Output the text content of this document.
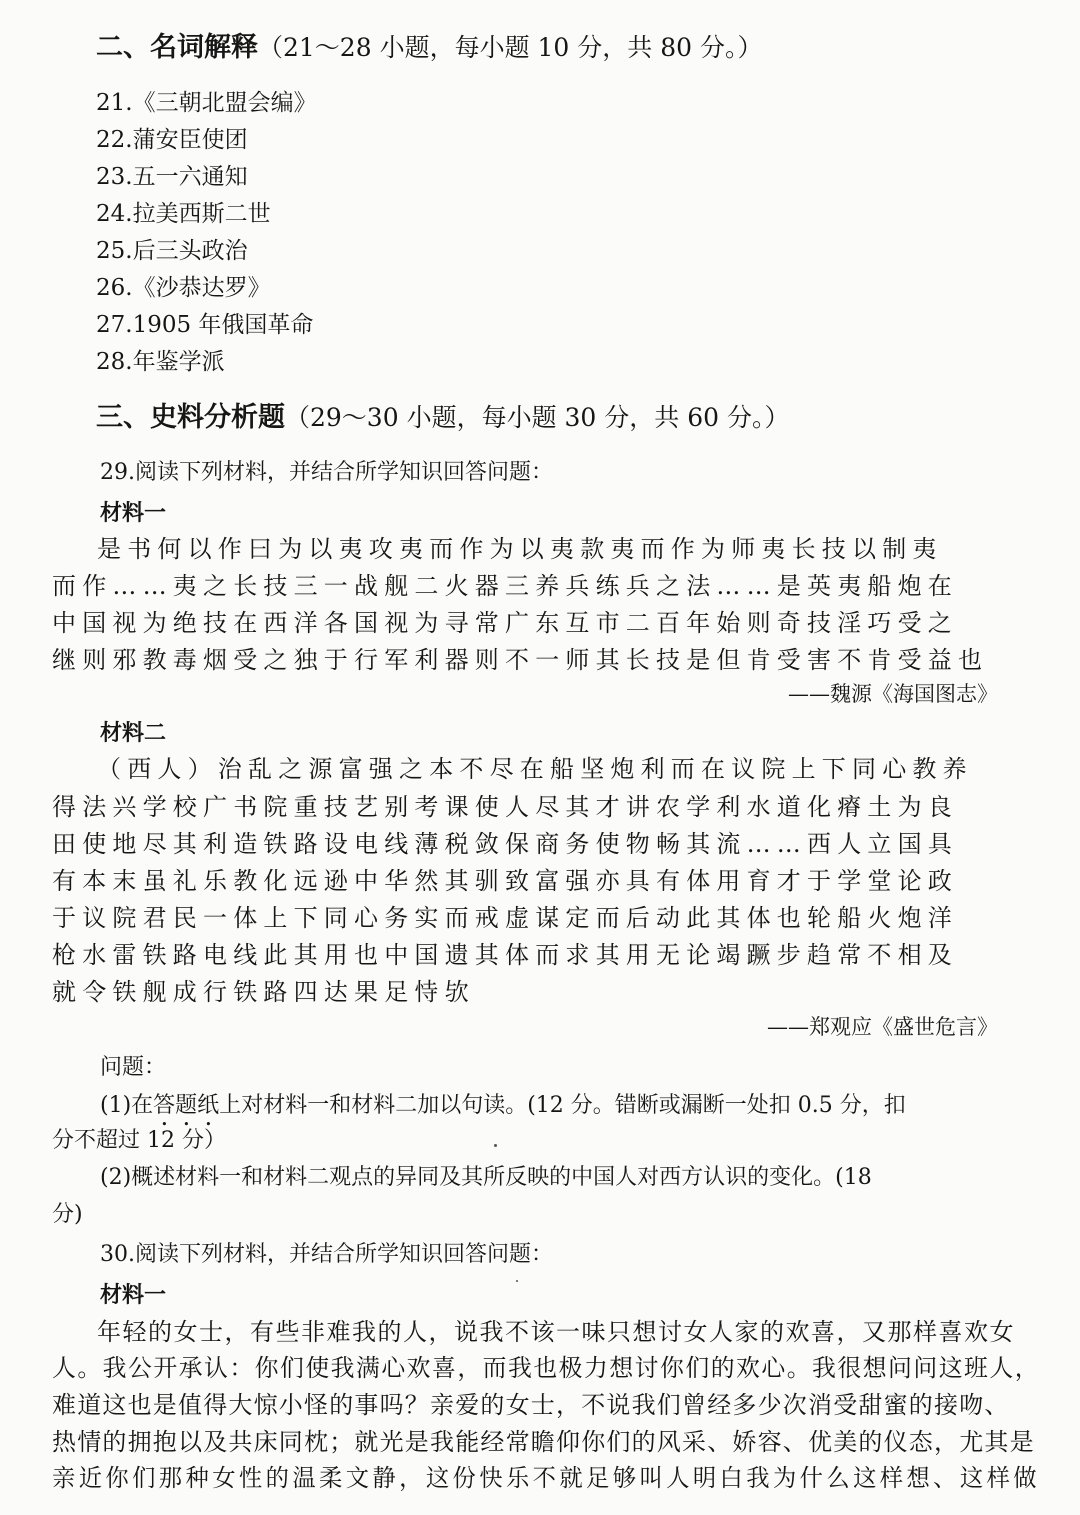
二、名词解释（21～28 小题，每小题 10 分，共 80 分。）
21.《三朝北盟会编》
22.蒲安臣使团
23.五一六通知
24.拉美西斯二世
25.后三头政治
26.《沙恭达罗》
27.1905 年俄国革命
28.年鉴学派
三、史料分析题（29～30 小题，每小题 30 分，共 60 分。）
29.阅读下列材料，并结合所学知识回答问题：
材料一
是书何以作曰为以夷攻夷而作为以夷款夷而作为师夷长技以制夷
而作……夷之长技三一战舰二火器三养兵练兵之法……是英夷船炮在
中国视为绝技在西洋各国视为寻常广东互市二百年始则奇技淫巧受之
继则邪教毒烟受之独于行军利器则不一师其长技是但肯受害不肯受益也
——魏源《海国图志》
材料二
（西人）治乱之源富强之本不尽在船坚炮利而在议院上下同心教养
得法兴学校广书院重技艺别考课使人尽其才讲农学利水道化瘠土为良
田使地尽其利造铁路设电线薄税敛保商务使物畅其流……西人立国具
有本末虽礼乐教化远逊中华然其驯致富强亦具有体用育才于学堂论政
于议院君民一体上下同心务实而戒虚谋定而后动此其体也轮船火炮洋
枪水雷铁路电线此其用也中国遗其体而求其用无论竭蹶步趋常不相及
就令铁舰成行铁路四达果足恃欤
——郑观应《盛世危言》
问题：
(1)在答题纸上对材料一和材料二加以句读。(12 分。错断或漏断一处扣 0.5 分，扣
分不超过 12 分）
(2)概述材料一和材料二观点的异同及其所反映的中国人对西方认识的变化。(18
分)
30.阅读下列材料，并结合所学知识回答问题：
材料一
年轻的女士，有些非难我的人，说我不该一味只想讨女人家的欢喜，又那样喜欢女
人。我公开承认：你们使我满心欢喜，而我也极力想讨你们的欢心。我很想问问这班人，
难道这也是值得大惊小怪的事吗？亲爱的女士，不说我们曾经多少次消受甜蜜的接吻、
热情的拥抱以及共床同枕；就光是我能经常瞻仰你们的风采、娇容、优美的仪态，尤其是
亲近你们那种女性的温柔文静，这份快乐不就足够叫人明白我为什么这样想、这样做
